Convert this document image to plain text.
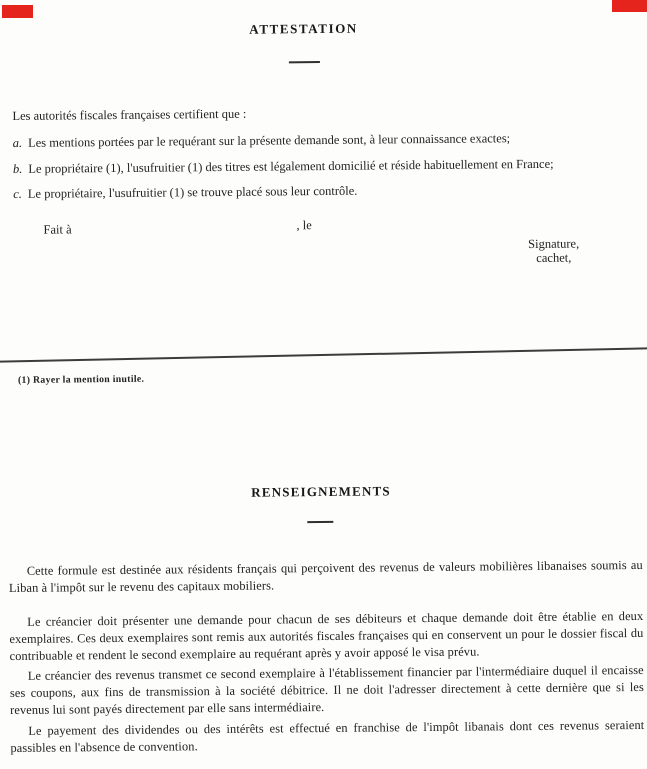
ATTESTATION
Les autorités fiscales françaises certifient que :
a. Les mentions portées par le requérant sur la présente demande sont, à leur connaissance exactes;
b. Le propriétaire (1), l'usufruitier (1) des titres est légalement domicilié et réside habituellement en France;
c. Le propriétaire, l'usufruitier (1) se trouve placé sous leur contrôle.
Fait à	, le
Signature,
cachet,
(1) Rayer la mention inutile.
RENSEIGNEMENTS
Cette formule est destinée aux résidents français qui perçoivent des revenus de valeurs mobilières libanaises soumis au Liban à l'impôt sur le revenu des capitaux mobiliers.
Le créancier doit présenter une demande pour chacun de ses débiteurs et chaque demande doit être établie en deux exemplaires. Ces deux exemplaires sont remis aux autorités fiscales françaises qui en conservent un pour le dossier fiscal du contribuable et rendent le second exemplaire au requérant après y avoir apposé le visa prévu.
Le créancier des revenus transmet ce second exemplaire à l'établissement financier par l'intermédiaire duquel il encaisse ses coupons, aux fins de transmission à la société débitrice. Il ne doit l'adresser directement à cette dernière que si les revenus lui sont payés directement par elle sans intermédiaire.
Le payement des dividendes ou des intérêts est effectué en franchise de l'impôt libanais dont ces revenus seraient passibles en l'absence de convention.
